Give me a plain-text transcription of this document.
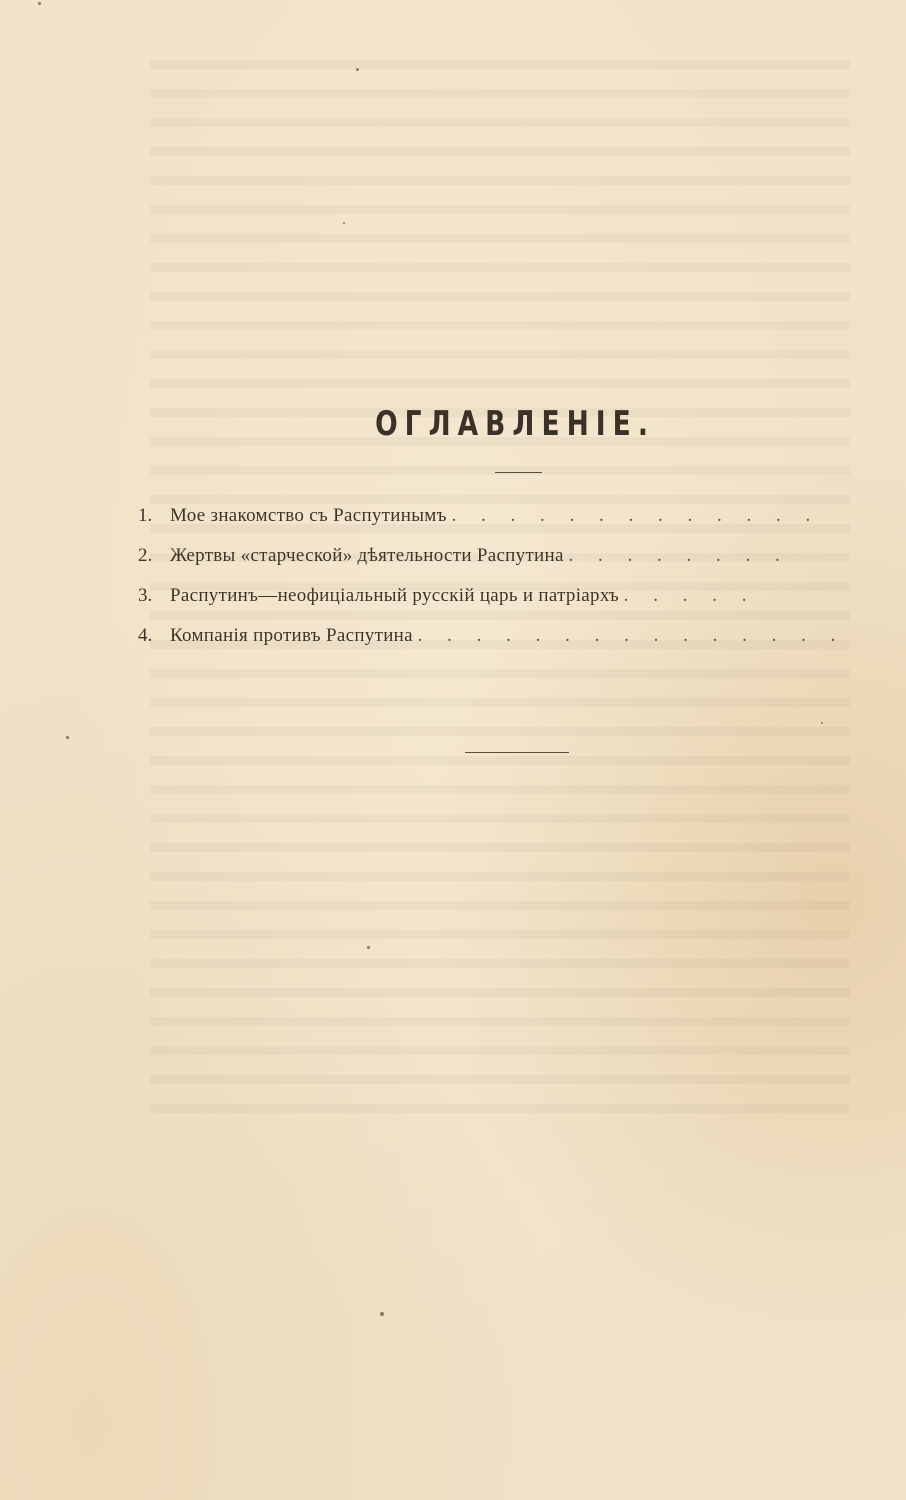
ОГЛАВЛЕНIЕ.
1. Мое знакомство съ Распутинымъ . . . . . . . . . . . . .
2. Жертвы «старческой» дѣятельности Распутина . . . . . . . .
3. Распутинъ—неофицiальный русскiй царь и патрiархъ . . . . .
4. Компанiя противъ Распутина . . . . . . . . . . . . . . .
